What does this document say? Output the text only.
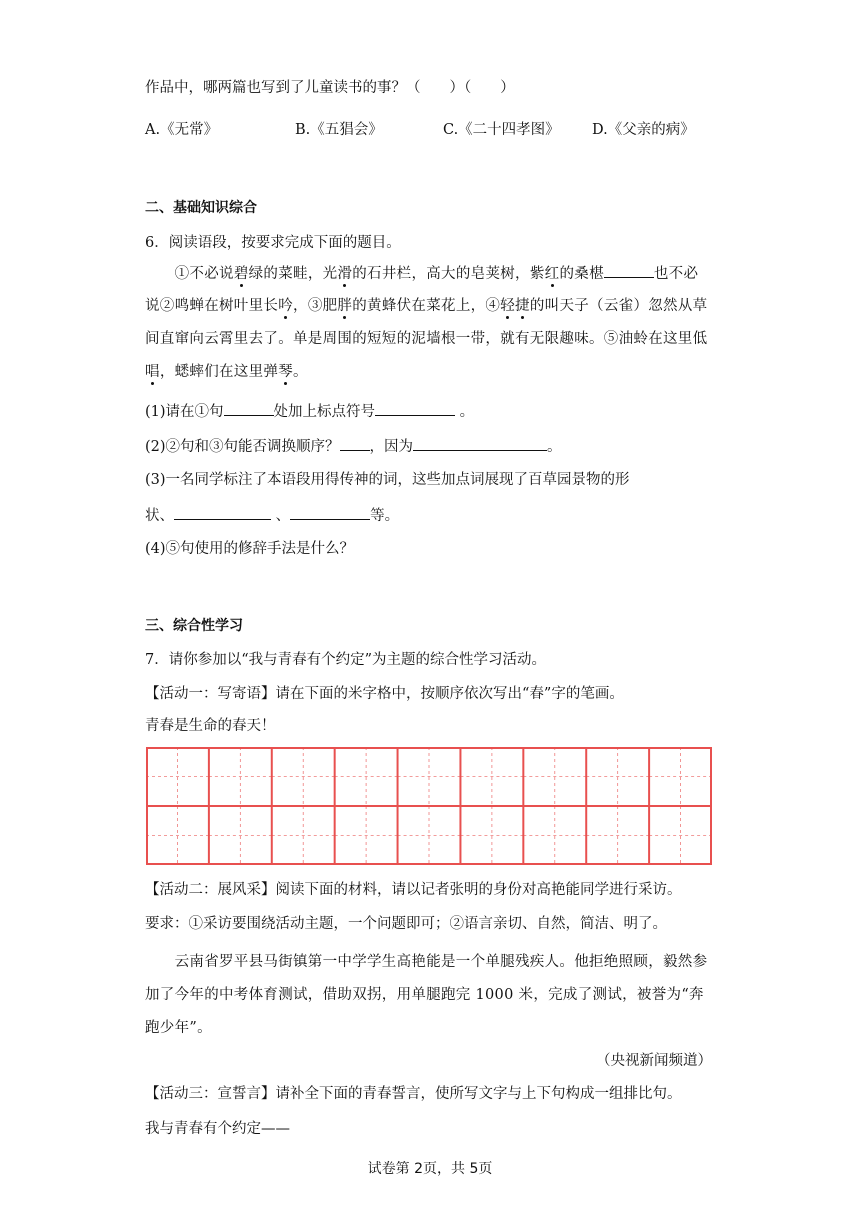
作品中，哪两篇也写到了儿童读书的事？（　　）（　　）
A.《无常》	B.《五猖会》	C.《二十四孝图》 D.《父亲的病》
二、基础知识综合
6．阅读语段，按要求完成下面的题目。
　　①不必说碧绿的菜畦，光滑的石井栏，高大的皂荚树，紫红的桑椹	也不必
说②鸣蝉在树叶里长吟，③肥胖的黄蜂伏在菜花上，④轻捷的叫天子（云雀）忽然从草
间直窜向云霄里去了。单是周围的短短的泥墙根一带，就有无限趣味。⑤油蛉在这里低
唱，蟋蟀们在这里弹琴。
(1)请在①句	处加上标点符号	。
(2)②句和③句能否调换顺序？ ，因为	。
(3)一名同学标注了本语段用得传神的词，这些加点词展现了百草园景物的形
状、	、	等。
(4)⑤句使用的修辞手法是什么？
三、综合性学习
7．请你参加以“我与青春有个约定”为主题的综合性学习活动。
【活动一：写寄语】请在下面的米字格中，按顺序依次写出“春”字的笔画。
青春是生命的春天！
【活动二：展风采】阅读下面的材料，请以记者张明的身份对高艳能同学进行采访。
要求：①采访要围绕活动主题，一个问题即可；②语言亲切、自然，简洁、明了。
　　云南省罗平县马街镇第一中学学生高艳能是一个单腿残疾人。他拒绝照顾，毅然参
加了今年的中考体育测试，借助双拐，用单腿跑完 1000 米，完成了测试，被誉为“奔
跑少年”。
（央视新闻频道）
【活动三：宣誓言】请补全下面的青春誓言，使所写文字与上下句构成一组排比句。
我与青春有个约定——
试卷第 2页，共 5页
